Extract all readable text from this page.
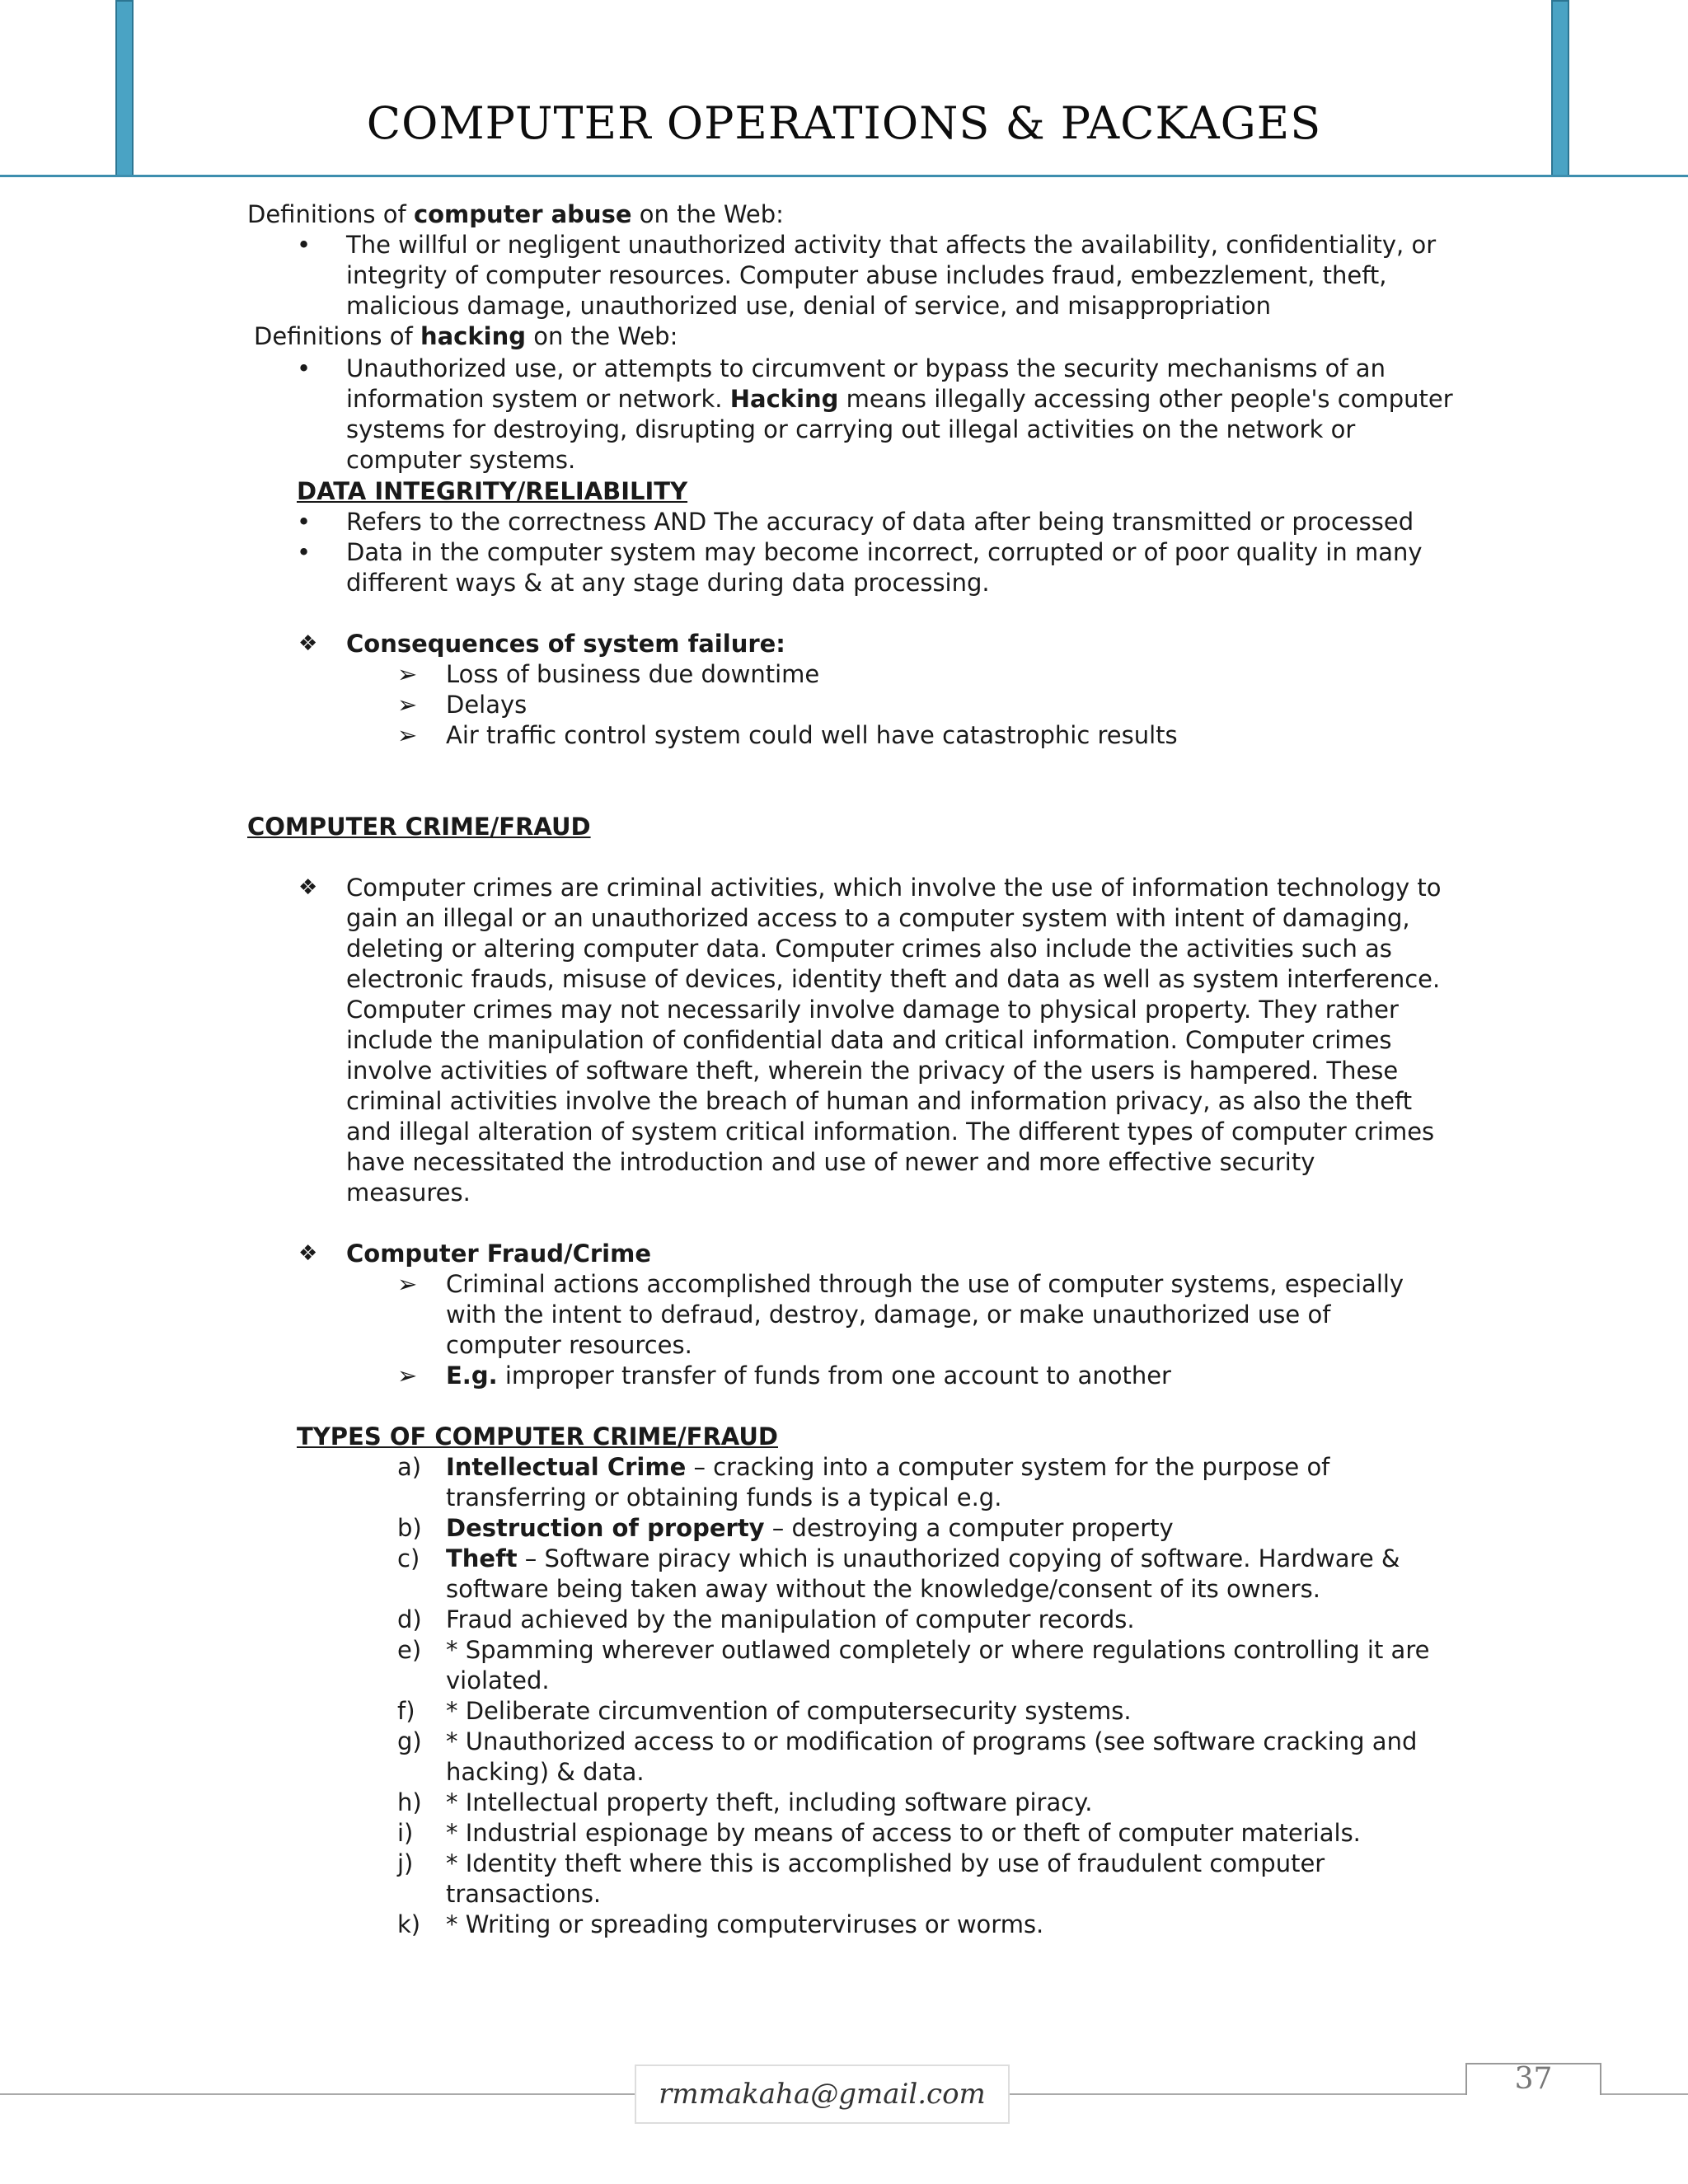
COMPUTER OPERATIONS & PACKAGES
Definitions of computer abuse on the Web:
• The willful or negligent unauthorized activity that affects the availability, confidentiality, or
integrity of computer resources. Computer abuse includes fraud, embezzlement, theft,
malicious damage, unauthorized use, denial of service, and misappropriation
Definitions of hacking on the Web:
• Unauthorized use, or attempts to circumvent or bypass the security mechanisms of an
information system or network. Hacking means illegally accessing other people's computer
systems for destroying, disrupting or carrying out illegal activities on the network or
computer systems.
DATA INTEGRITY/RELIABILITY
• Refers to the correctness AND The accuracy of data after being transmitted or processed
• Data in the computer system may become incorrect, corrupted or of poor quality in many
different ways & at any stage during data processing.
❖ Consequences of system failure:
➢ Loss of business due downtime
➢ Delays
➢ Air traffic control system could well have catastrophic results
COMPUTER CRIME/FRAUD
❖ Computer crimes are criminal activities, which involve the use of information technology to
gain an illegal or an unauthorized access to a computer system with intent of damaging,
deleting or altering computer data. Computer crimes also include the activities such as
electronic frauds, misuse of devices, identity theft and data as well as system interference.
Computer crimes may not necessarily involve damage to physical property. They rather
include the manipulation of confidential data and critical information. Computer crimes
involve activities of software theft, wherein the privacy of the users is hampered. These
criminal activities involve the breach of human and information privacy, as also the theft
and illegal alteration of system critical information. The different types of computer crimes
have necessitated the introduction and use of newer and more effective security
measures.
❖ Computer Fraud/Crime
➢ Criminal actions accomplished through the use of computer systems, especially
with the intent to defraud, destroy, damage, or make unauthorized use of
computer resources.
➢ E.g. improper transfer of funds from one account to another
TYPES OF COMPUTER CRIME/FRAUD
a) Intellectual Crime – cracking into a computer system for the purpose of
transferring or obtaining funds is a typical e.g.
b) Destruction of property – destroying a computer property
c) Theft – Software piracy which is unauthorized copying of software. Hardware &
software being taken away without the knowledge/consent of its owners.
d) Fraud achieved by the manipulation of computer records.
e) * Spamming wherever outlawed completely or where regulations controlling it are
violated.
f) * Deliberate circumvention of computersecurity systems.
g) * Unauthorized access to or modification of programs (see software cracking and
hacking) & data.
h) * Intellectual property theft, including software piracy.
i) * Industrial espionage by means of access to or theft of computer materials.
j) * Identity theft where this is accomplished by use of fraudulent computer
transactions.
k) * Writing or spreading computerviruses or worms.
rmmakaha@gmail.com	37
